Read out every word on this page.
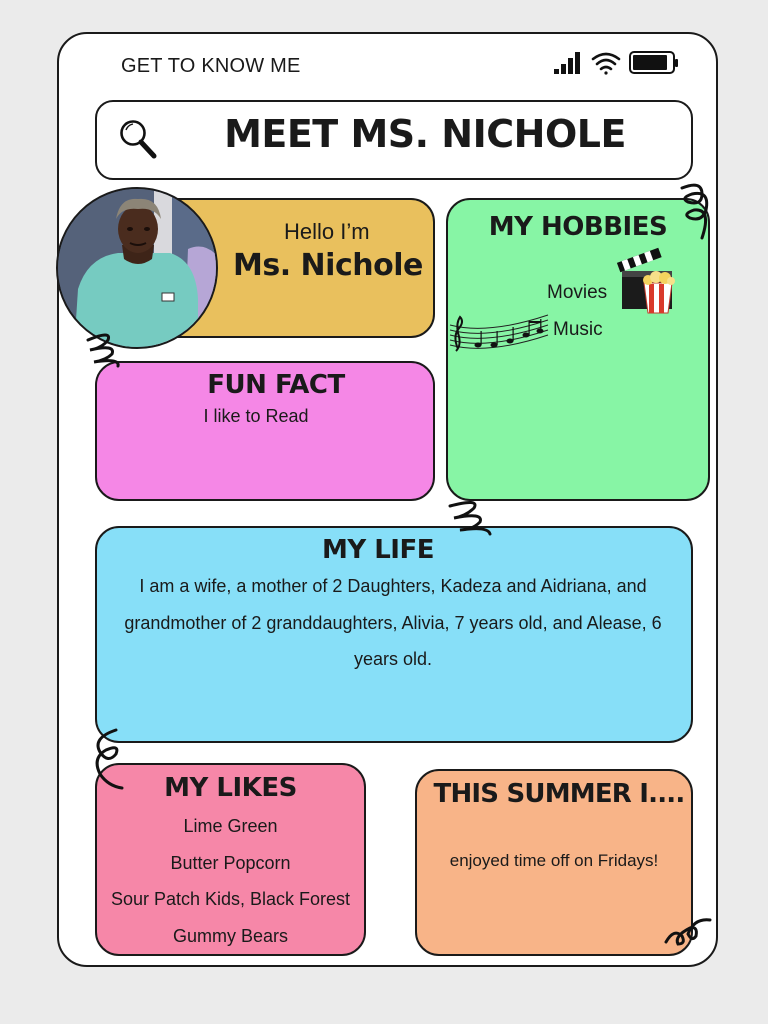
GET TO KNOW ME
MEET MS. NICHOLE
Hello I’m
Ms. Nichole
MY HOBBIES
Movies
Music
FUN FACT
I like to Read
MY LIFE
I am a wife, a mother of 2 Daughters, Kadeza and Aidriana, and grandmother of 2 granddaughters, Alivia, 7 years old, and Alease, 6 years old.
MY LIKES
Lime Green
Butter Popcorn
Sour Patch Kids, Black Forest
Gummy Bears
THIS SUMMER I....
enjoyed time off on Fridays!
